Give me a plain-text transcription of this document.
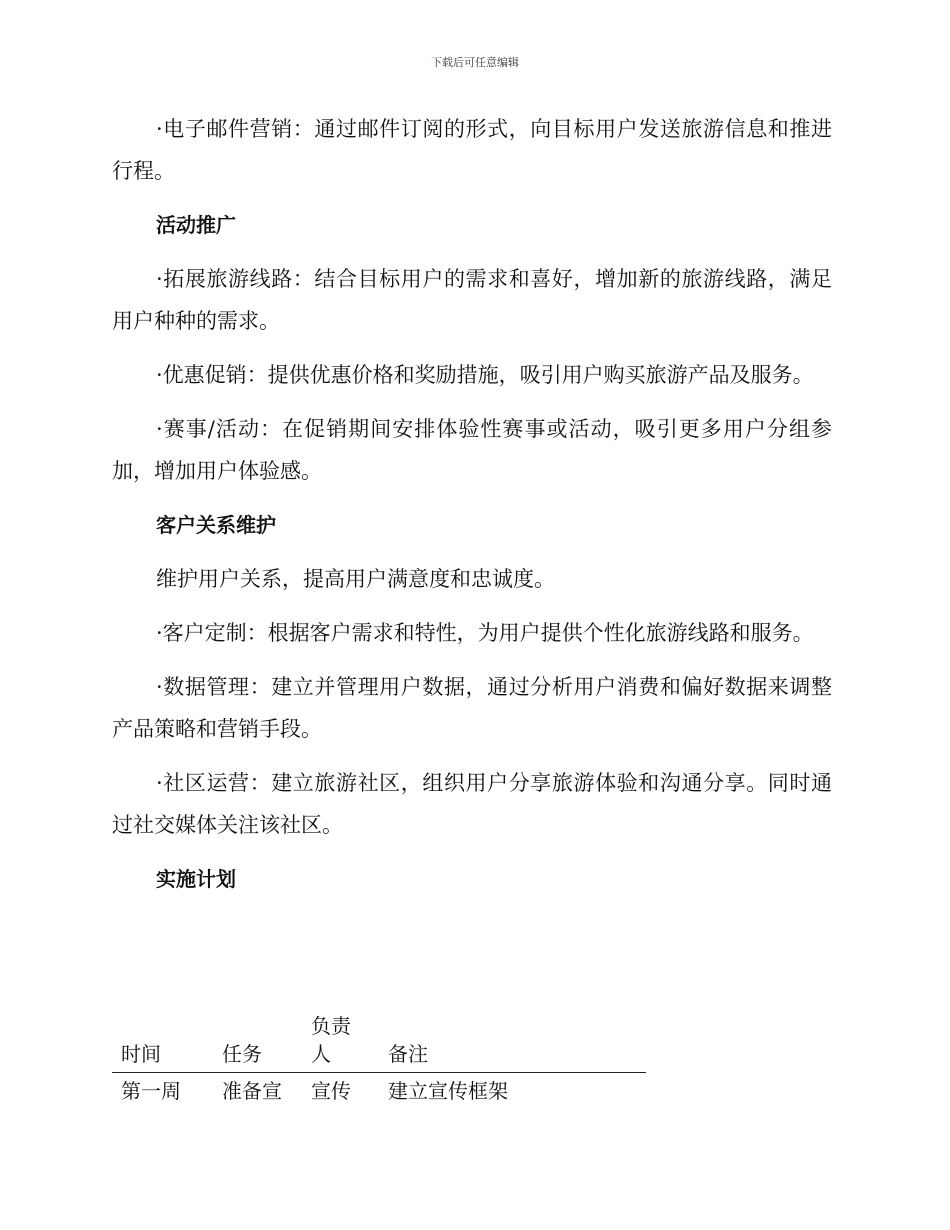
下载后可任意编辑

·电子邮件营销：通过邮件订阅的形式，向目标用户发送旅游信息和推进行程。

活动推广

·拓展旅游线路：结合目标用户的需求和喜好，增加新的旅游线路，满足用户种种的需求。

·优惠促销：提供优惠价格和奖励措施，吸引用户购买旅游产品及服务。

·赛事/活动：在促销期间安排体验性赛事或活动，吸引更多用户分组参加，增加用户体验感。

客户关系维护

维护用户关系，提高用户满意度和忠诚度。

·客户定制：根据客户需求和特性，为用户提供个性化旅游线路和服务。

·数据管理：建立并管理用户数据，通过分析用户消费和偏好数据来调整产品策略和营销手段。

·社区运营：建立旅游社区，组织用户分享旅游体验和沟通分享。同时通过社交媒体关注该社区。

实施计划
时间	任务	负责人	备注
第一周	准备宣	宣传	建立宣传框架
